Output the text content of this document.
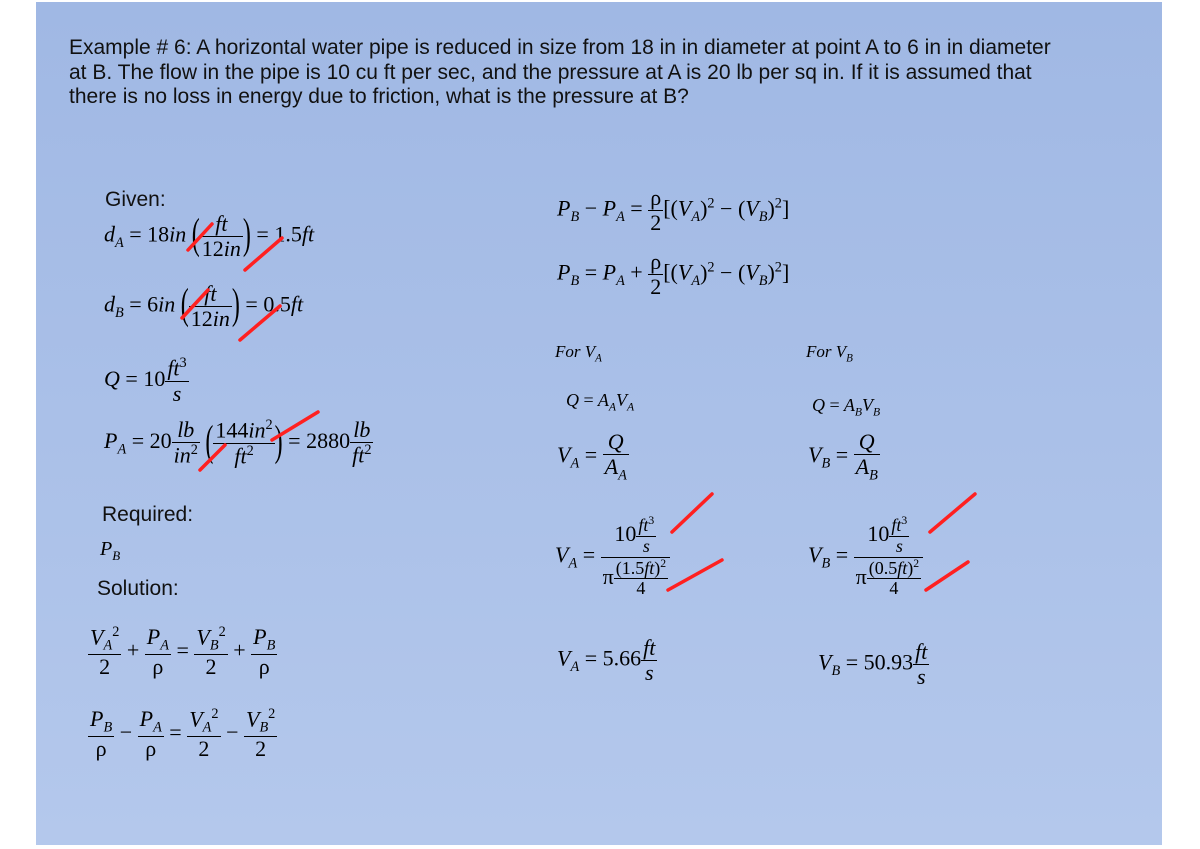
Example # 6: A horizontal water pipe is reduced in size from 18 in in diameter at point A to 6 in in diameter at B. The flow in the pipe is 10 cu ft per sec, and the pressure at A is 20 lb per sq in. If it is assumed that there is no loss in energy due to friction, what is the pressure at B?
Given:
Required:
Solution:
$d_A = 18in$ ( $\frac{ft}{12in}$ ) = 1.5ft
$d_B = 6in$ ( $\frac{ft}{12in}$ ) = 0.5ft
$Q = 10 \frac{ft^3}{s}$
$P_A = 20 \frac{lb}{in^2}$ ( $\frac{144in^2}{ft^2}$ ) = $2880 \frac{lb}{ft^2}$
$P_B$
$\frac{V_A^2}{2} + \frac{P_A}{\rho} = \frac{V_B^2}{2} + \frac{P_B}{\rho}$
$\frac{P_B}{\rho} - \frac{P_A}{\rho} = \frac{V_A^2}{2} - \frac{V_B^2}{2}$
$P_B - P_A = \frac{\rho}{2} [(V_A)^2 - (V_B)^2]$
$P_B = P_A + \frac{\rho}{2} [(V_A)^2 - (V_B)^2]$
For $V_A$	For $V_B$
$Q = A_AV_A$	$Q = A_BV_B$
$V_A = \frac{Q}{A_A}$	$V_B = \frac{Q}{A_B}$
$V_A = \frac{10 \frac{ft^3}{s}}{\pi \frac{(1.5ft)^2}{4}}$	$V_B = \frac{10 \frac{ft^3}{s}}{\pi \frac{(0.5ft)^2}{4}}$
$V_A = 5.66 \frac{ft}{s}$	$V_B = 50.93 \frac{ft}{s}$
